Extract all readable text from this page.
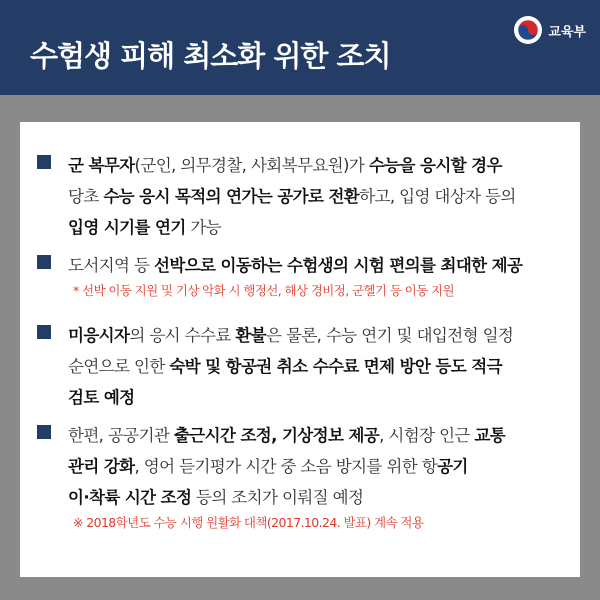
수험생 피해 최소화 위한 조치
교육부
군 복무자(군인, 의무경찰, 사회복무요원)가 수능을 응시할 경우
당초 수능 응시 목적의 연가는 공가로 전환하고, 입영 대상자 등의
입영 시기를 연기 가능
도서지역 등 선박으로 이동하는 수험생의 시험 편의를 최대한 제공
* 선박 이동 지원 및 기상 악화 시 행정선, 해상 경비정, 군헬기 등 이동 지원
미응시자의 응시 수수료 환불은 물론, 수능 연기 및 대입전형 일정
순연으로 인한 숙박 및 항공권 취소 수수료 면제 방안 등도 적극
검토 예정
한편, 공공기관 출근시간 조정, 기상정보 제공, 시험장 인근 교통
관리 강화, 영어 듣기평가 시간 중 소음 방지를 위한 항공기
이·착륙 시간 조정 등의 조치가 이뤄질 예정
※ 2018학년도 수능 시행 원활화 대책(2017.10.24. 발표) 계속 적용
